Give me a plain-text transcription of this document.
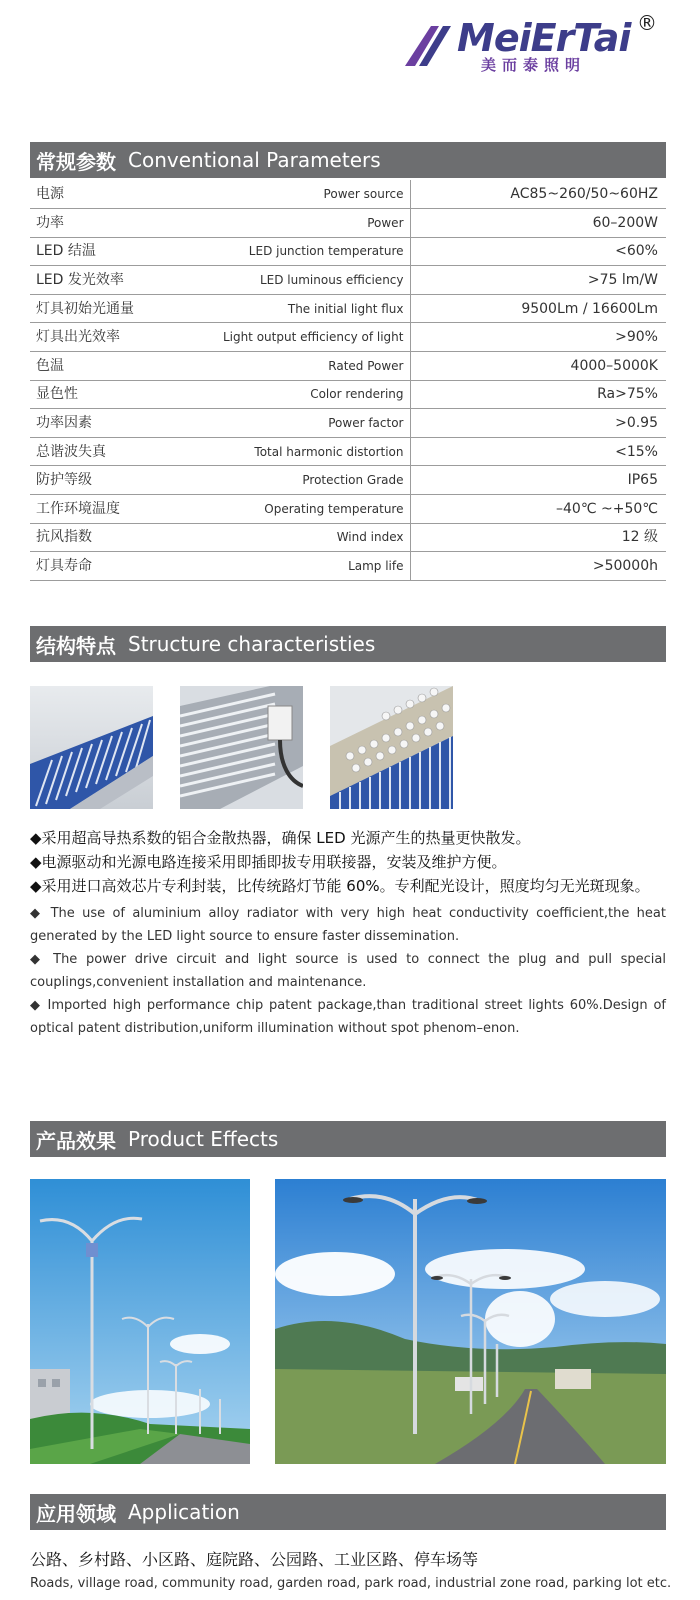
MeiErTai
美而泰照明
®
常规参数 Conventional Parameters
电源	Power source	AC85~260/50~60HZ
功率	Power	60–200W
LED 结温	LED junction temperature	<60%
LED 发光效率	LED luminous efficiency	>75 lm/W
灯具初始光通量	The initial light flux	9500Lm / 16600Lm
灯具出光效率	Light output efficiency of light	>90%
色温	Rated Power	4000–5000K
显色性	Color rendering	Ra>75%
功率因素	Power factor	>0.95
总谐波失真	Total harmonic distortion	<15%
防护等级	Protection Grade	IP65
工作环境温度	Operating temperature	–40℃ ~+50℃
抗风指数	Wind index	12 级
灯具寿命	Lamp life	>50000h
结构特点 Structure characteristies
◆采用超高导热系数的铝合金散热器，确保 LED 光源产生的热量更快散发。
◆电源驱动和光源电路连接采用即插即拔专用联接器，安装及维护方便。
◆采用进口高效芯片专利封装，比传统路灯节能 60%。专利配光设计，照度均匀无光斑现象。
◆ The use of aluminium alloy radiator with very high heat conductivity coefficient,the heat generated by the LED light source to ensure faster dissemination.
◆ The power drive circuit and light source is used to connect the plug and pull special couplings,convenient installation and maintenance.
◆ Imported high performance chip patent package,than traditional street lights 60%.Design of optical patent distribution,uniform illumination without spot phenom–enon.
产品效果 Product Effects
应用领域 Application
公路、乡村路、小区路、庭院路、公园路、工业区路、停车场等
Roads, village road, community road, garden road, park road, industrial zone road, parking lot etc.
